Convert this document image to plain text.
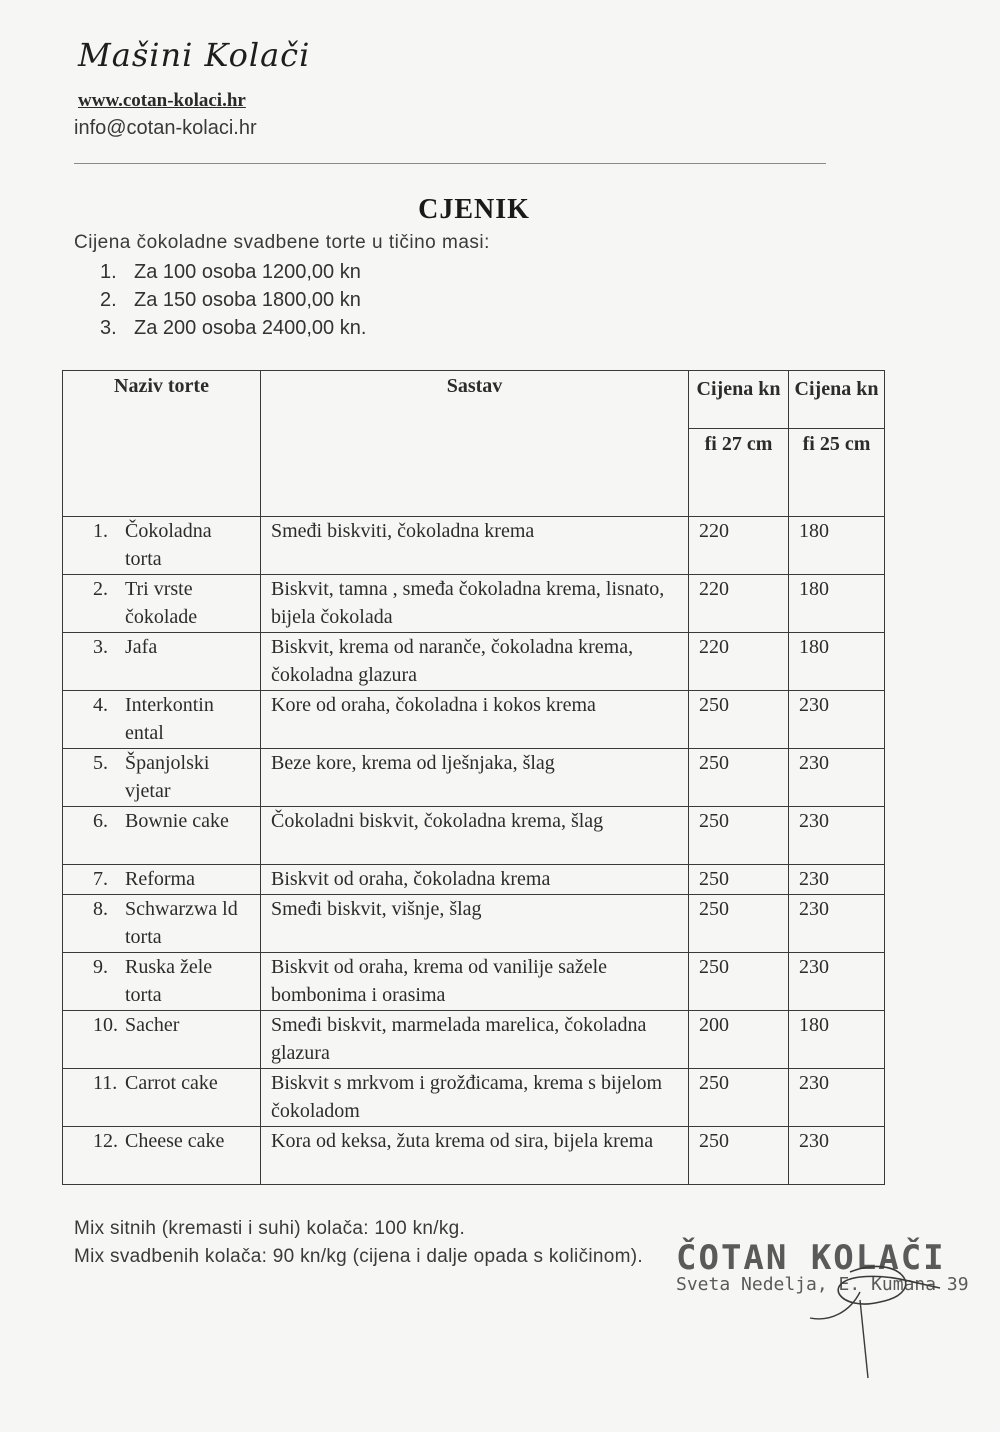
Mašini Kolači
www.cotan-kolaci.hr
info@cotan-kolaci.hr
CJENIK
Cijena čokoladne svadbene torte u tičino masi:
1. Za 100 osoba 1200,00 kn
2. Za 150 osoba 1800,00 kn
3. Za 200 osoba 2400,00 kn.
Naziv torte	Sastav	Cijena kn	Cijena kn
		fi 27 cm	fi 25 cm
1. Čokoladna torta	Smeđi biskviti, čokoladna krema	220	180
2. Tri vrste čokolade	Biskvit, tamna , smeđa čokoladna krema, lisnato, bijela čokolada	220	180
3. Jafa	Biskvit, krema od naranče, čokoladna krema, čokoladna glazura	220	180
4. Interkontin ental	Kore od oraha, čokoladna i kokos krema	250	230
5. Španjolski vjetar	Beze kore, krema od lješnjaka, šlag	250	230
6. Bownie cake	Čokoladni biskvit, čokoladna krema, šlag	250	230
7. Reforma	Biskvit od oraha, čokoladna krema	250	230
8. Schwarzwa ld torta	Smeđi biskvit, višnje, šlag	250	230
9. Ruska žele torta	Biskvit od oraha, krema od vanilije sažele bombonima i orasima	250	230
10. Sacher	Smeđi biskvit, marmelada marelica, čokoladna glazura	200	180
11. Carrot cake	Biskvit s mrkvom i grožđicama, krema s bijelom čokoladom	250	230
12. Cheese cake	Kora od keksa, žuta krema od sira, bijela krema	250	230
Mix sitnih (kremasti i suhi) kolača: 100 kn/kg.
Mix svadbenih kolača: 90 kn/kg (cijena i dalje opada s količinom). ČOTAN KOLAČI
Sveta Nedelja, E. Kumana 39
